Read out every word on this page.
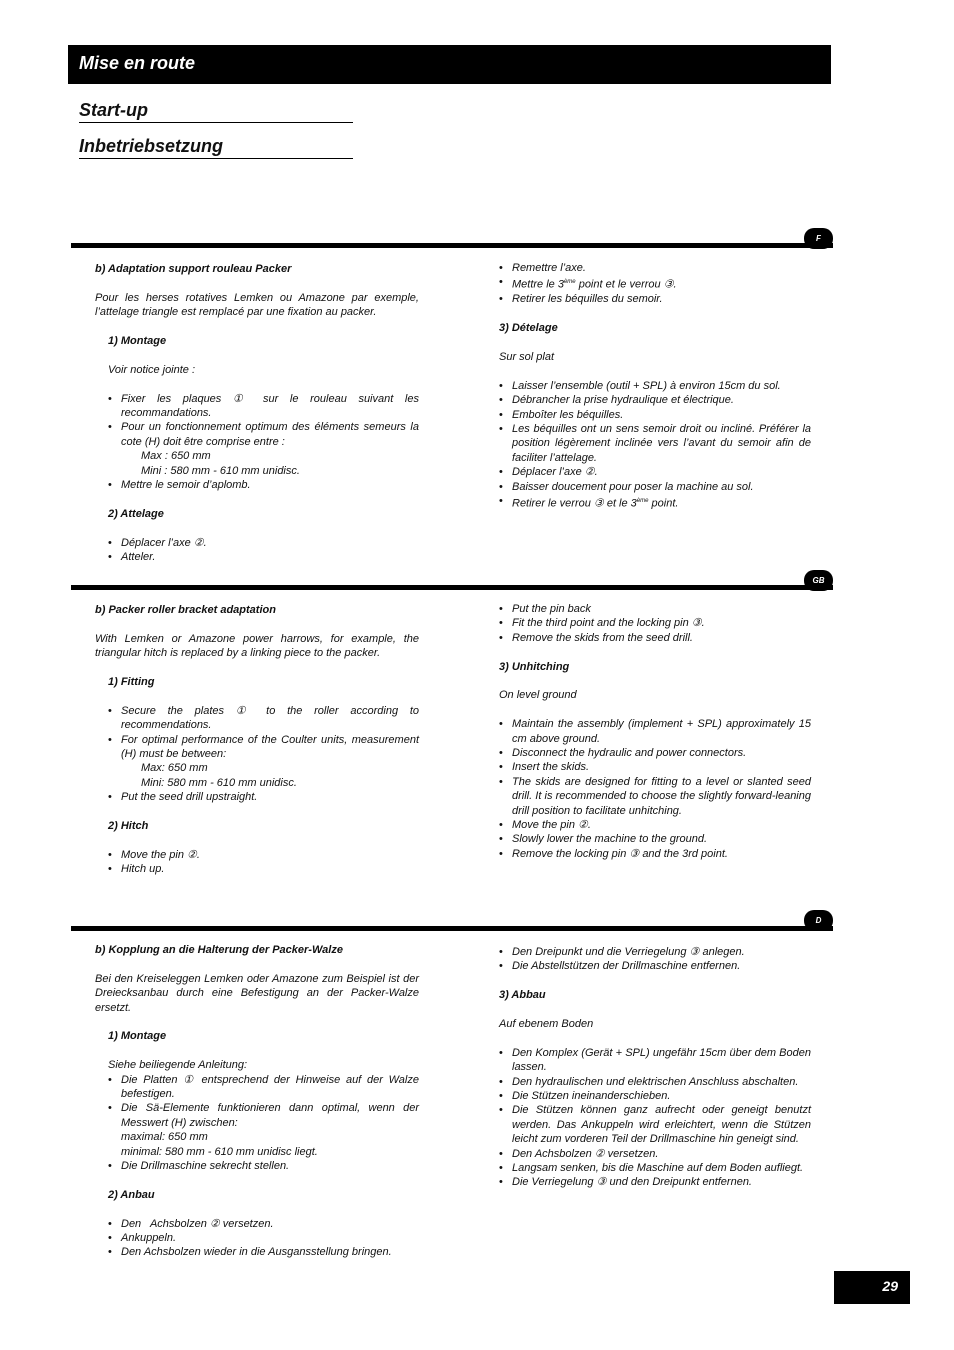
Mise en route
Start-up
Inbetriebsetzung
F

b) Adaptation support rouleau Packer

Pour les herses rotatives Lemken ou Amazone par exemple, l’attelage triangle est remplacé par une fixation au packer.

1) Montage

Voir notice jointe :

• Fixer les plaques ① sur le rouleau suivant les recommandations.

• Pour un fonctionnement optimum des éléments semeurs la cote (H) doit être comprise entre :

Max : 650 mm

Mini : 580 mm - 610 mm unidisc.

• Mettre le semoir d’aplomb.

2) Attelage

• Déplacer l’axe ②.

• Atteler.

• Remettre l’axe.

• Mettre le 3ème point et le verrou ③.

• Retirer les béquilles du semoir.

3) Dételage

Sur sol plat

• Laisser l’ensemble (outil + SPL) à environ 15cm du sol.

• Débrancher la prise hydraulique et électrique.

• Emboîter les béquilles.

• Les béquilles ont un sens semoir droit ou incliné. Préférer la position légèrement inclinée vers l’avant du semoir afin de faciliter l’attelage.

• Déplacer l’axe ②.

• Baisser doucement pour poser la machine au sol.

• Retirer le verrou ③ et le 3ème point.

GB

b) Packer roller bracket adaptation

With Lemken or Amazone power harrows, for example, the triangular hitch is replaced by a linking piece to the packer.

1) Fitting

• Secure the plates ① to the roller according to recommendations.

• For optimal performance of the Coulter units, measurement (H) must be between:

Max: 650 mm

Mini: 580 mm - 610 mm unidisc.

• Put the seed drill upstraight.

2) Hitch

• Move the pin ②.

• Hitch up.

• Put the pin back

• Fit the third point and the locking pin ③.

• Remove the skids from the seed drill.

3) Unhitching

On level ground

• Maintain the assembly (implement + SPL) approximately 15 cm above ground.

• Disconnect the hydraulic and power connectors.

• Insert the skids.

• The skids are designed for fitting to a level or slanted seed drill. It is recommended to choose the slightly forward-leaning drill position to facilitate unhitching.

• Move the pin ②.

• Slowly lower the machine to the ground.

• Remove the locking pin ③ and the 3rd point.

D

b) Kopplung an die Halterung der Packer-Walze

Bei den Kreiseleggen Lemken oder Amazone zum Beispiel ist der Dreiecksanbau durch eine Befestigung an der Packer-Walze ersetzt.

1) Montage

Siehe beiliegende Anleitung:

• Die Platten ① entsprechend der Hinweise auf der Walze befestigen.

• Die Sä-Elemente funktionieren dann optimal, wenn der Messwert (H) zwischen:

maximal: 650 mm

minimal: 580 mm - 610 mm unidisc liegt.

• Die Drillmaschine sekrecht stellen.

2) Anbau

• Den   Achsbolzen ② versetzen.

• Ankuppeln.

• Den Achsbolzen wieder in die Ausgansstellung bringen.

• Den Dreipunkt und die Verriegelung ③ anlegen.

• Die Abstellstützen der Drillmaschine entfernen.

3) Abbau

Auf ebenem Boden

• Den Komplex (Gerät + SPL) ungefähr 15cm über dem Boden lassen.

• Den hydraulischen und elektrischen Anschluss abschalten.

• Die Stützen ineinanderschieben.

• Die Stützen können ganz aufrecht oder geneigt benutzt werden. Das Ankuppeln wird erleichtert, wenn die Stützen leicht zum vorderen Teil der Drillmaschine hin geneigt sind.

• Den Achsbolzen ② versetzen.

• Langsam senken, bis die Maschine auf dem Boden aufliegt.

• Die Verriegelung ③ und den Dreipunkt entfernen.

29
